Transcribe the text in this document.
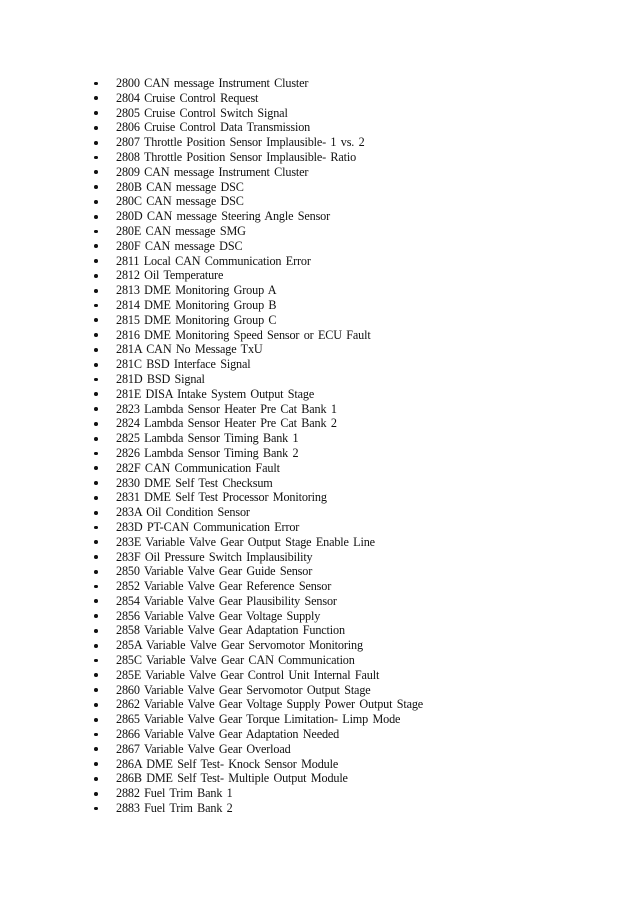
2800 CAN message Instrument Cluster
2804 Cruise Control Request
2805 Cruise Control Switch Signal
2806 Cruise Control Data Transmission
2807 Throttle Position Sensor Implausible- 1 vs. 2
2808 Throttle Position Sensor Implausible- Ratio
2809 CAN message Instrument Cluster
280B CAN message DSC
280C CAN message DSC
280D CAN message Steering Angle Sensor
280E CAN message SMG
280F CAN message DSC
2811 Local CAN Communication Error
2812 Oil Temperature
2813 DME Monitoring Group A
2814 DME Monitoring Group B
2815 DME Monitoring Group C
2816 DME Monitoring Speed Sensor or ECU Fault
281A CAN No Message TxU
281C BSD Interface Signal
281D BSD Signal
281E DISA Intake System Output Stage
2823 Lambda Sensor Heater Pre Cat Bank 1
2824 Lambda Sensor Heater Pre Cat Bank 2
2825 Lambda Sensor Timing Bank 1
2826 Lambda Sensor Timing Bank 2
282F CAN Communication Fault
2830 DME Self Test Checksum
2831 DME Self Test Processor Monitoring
283A Oil Condition Sensor
283D PT-CAN Communication Error
283E Variable Valve Gear Output Stage Enable Line
283F Oil Pressure Switch Implausibility
2850 Variable Valve Gear Guide Sensor
2852 Variable Valve Gear Reference Sensor
2854 Variable Valve Gear Plausibility Sensor
2856 Variable Valve Gear Voltage Supply
2858 Variable Valve Gear Adaptation Function
285A Variable Valve Gear Servomotor Monitoring
285C Variable Valve Gear CAN Communication
285E Variable Valve Gear Control Unit Internal Fault
2860 Variable Valve Gear Servomotor Output Stage
2862 Variable Valve Gear Voltage Supply Power Output Stage
2865 Variable Valve Gear Torque Limitation- Limp Mode
2866 Variable Valve Gear Adaptation Needed
2867 Variable Valve Gear Overload
286A DME Self Test- Knock Sensor Module
286B DME Self Test- Multiple Output Module
2882 Fuel Trim Bank 1
2883 Fuel Trim Bank 2
